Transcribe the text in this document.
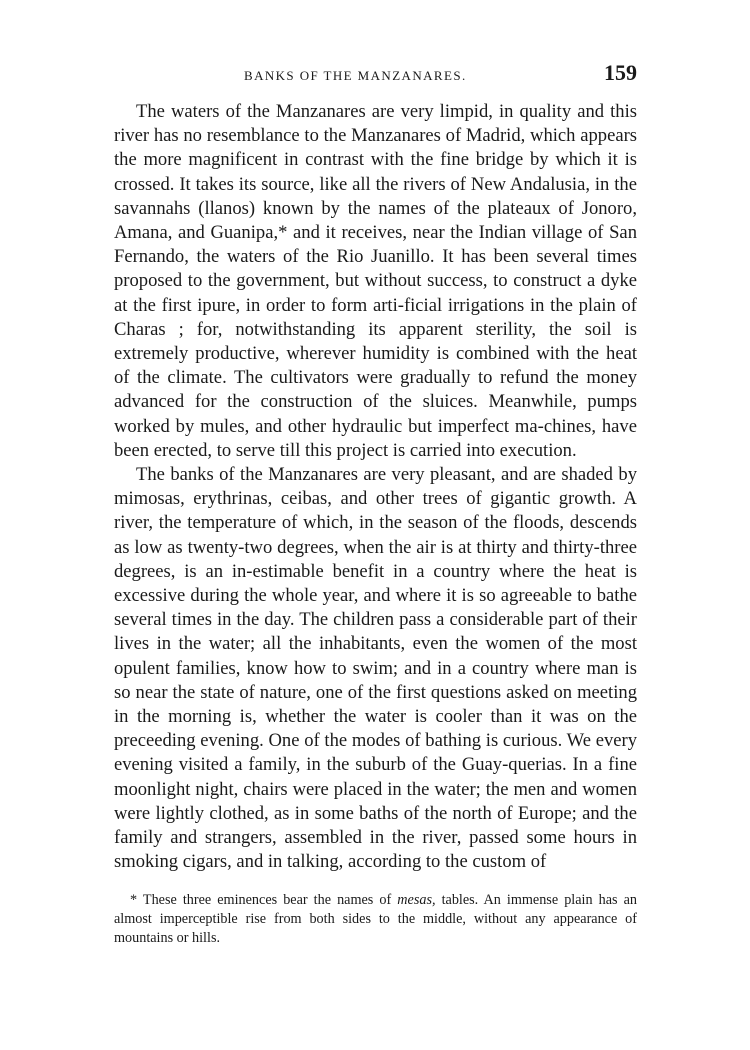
BANKS OF THE MANZANARES.	159

The waters of the Manzanares are very limpid, in quality and this river has no resemblance to the Manzanares of Madrid, which appears the more magnificent in contrast with the fine bridge by which it is crossed. It takes its source, like all the rivers of New Andalusia, in the savannahs (llanos) known by the names of the plateaux of Jonoro, Amana, and Guanipa,* and it receives, near the Indian village of San Fernando, the waters of the Rio Juanillo. It has been several times proposed to the government, but without success, to construct a dyke at the first ipure, in order to form arti-ficial irrigations in the plain of Charas ; for, notwithstanding its apparent sterility, the soil is extremely productive, wherever humidity is combined with the heat of the climate. The cultivators were gradually to refund the money advanced for the construction of the sluices. Meanwhile, pumps worked by mules, and other hydraulic but imperfect ma-chines, have been erected, to serve till this project is carried into execution.

The banks of the Manzanares are very pleasant, and are shaded by mimosas, erythrinas, ceibas, and other trees of gigantic growth. A river, the temperature of which, in the season of the floods, descends as low as twenty-two degrees, when the air is at thirty and thirty-three degrees, is an in-estimable benefit in a country where the heat is excessive during the whole year, and where it is so agreeable to bathe several times in the day. The children pass a considerable part of their lives in the water; all the inhabitants, even the women of the most opulent families, know how to swim; and in a country where man is so near the state of nature, one of the first questions asked on meeting in the morning is, whether the water is cooler than it was on the preceeding evening. One of the modes of bathing is curious. We every evening visited a family, in the suburb of the Guay-querias. In a fine moonlight night, chairs were placed in the water; the men and women were lightly clothed, as in some baths of the north of Europe; and the family and strangers, assembled in the river, passed some hours in smoking cigars, and in talking, according to the custom of

* These three eminences bear the names of mesas, tables. An immense plain has an almost imperceptible rise from both sides to the middle, without any appearance of mountains or hills.
